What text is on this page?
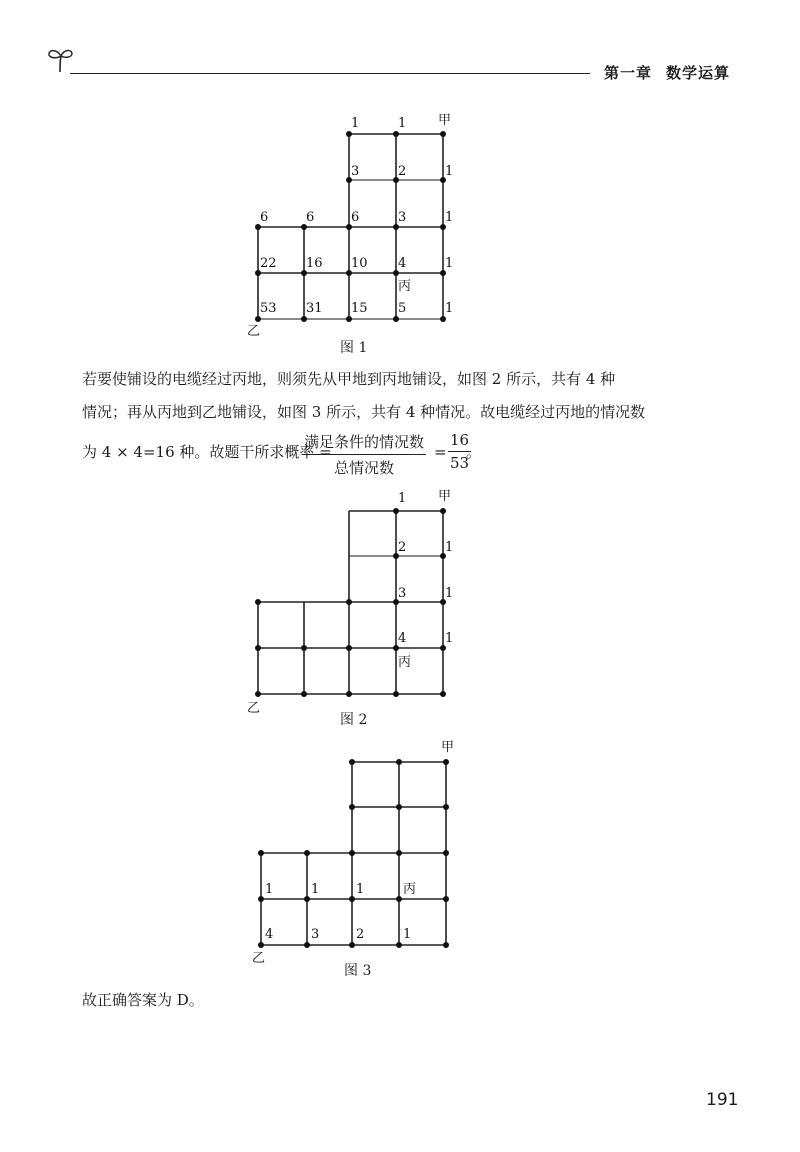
第一章 数学运算
1	1 甲
3	2	1
6	6	6	3	1
22 16 10 4	1
丙
53 31 15 5	1
乙
图 1
若要使铺设的电缆经过丙地，则须先从甲地到丙地铺设，如图 2 所示，共有 4 种
情况；再从丙地到乙地铺设，如图 3 所示，共有 4 种情况。故电缆经过丙地的情况数
为 4 × 4=16 种。故题干所求概率 =
满足条件的情况数
总情况数
= $\frac{16}{53}$
。
1 甲
2	1
3	1
4	1
丙
乙
图 2
甲
1	1	1	丙
4	3	2	1
乙
图 3
故正确答案为 D。
191
